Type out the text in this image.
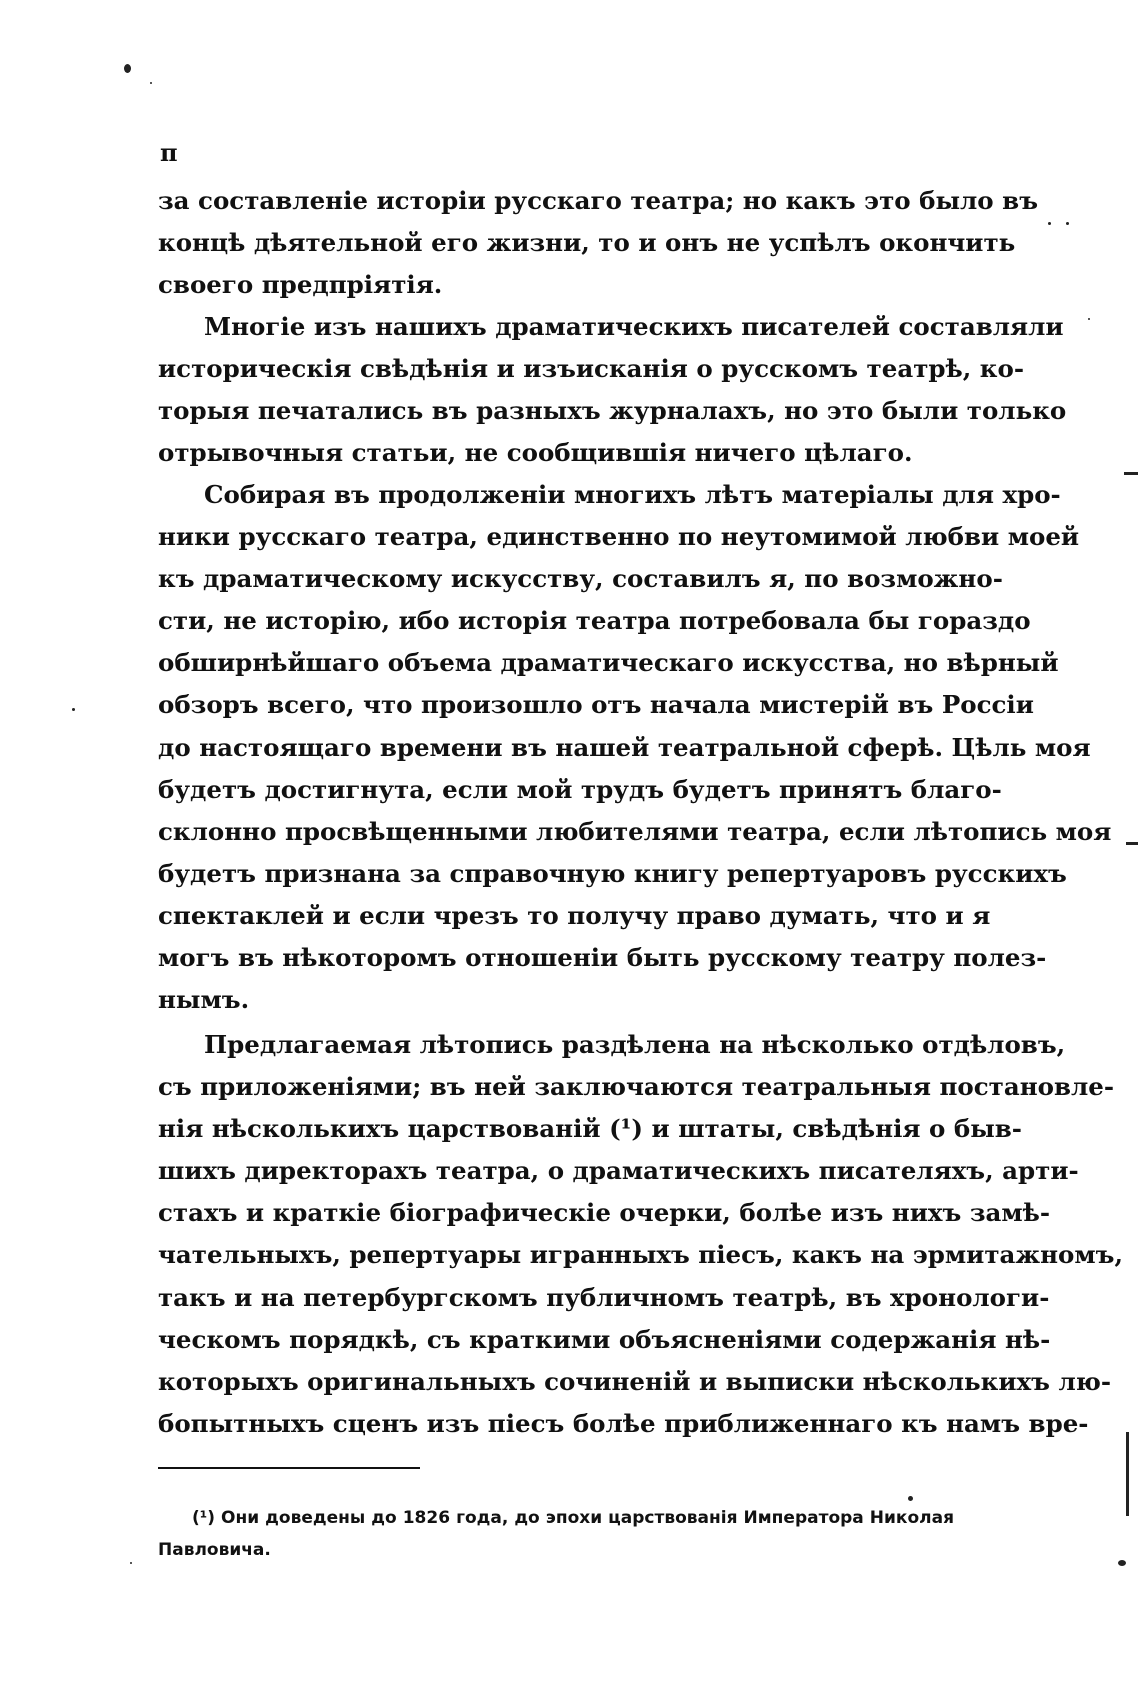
п
за составленіе исторіи русскаго театра; но какъ это было въ
концѣ дѣятельной его жизни, то и онъ не успѣлъ окончить
своего предпріятія.
Многіе изъ нашихъ драматическихъ писателей составляли
историческія свѣдѣнія и изъисканія о русскомъ театрѣ, ко-
торыя печатались въ разныхъ журналахъ, но это были только
отрывочныя статьи, не сообщившія ничего цѣлаго.
Собирая въ продолженіи многихъ лѣтъ матеріалы для хро-
ники русскаго театра, единственно по неутомимой любви моей
къ драматическому искусству, составилъ я, по возможно-
сти, не исторію, ибо исторія театра потребовала бы гораздо
обширнѣйшаго объема драматическаго искусства, но вѣрный
обзоръ всего, что произошло отъ начала мистерій въ Россіи
до настоящаго времени въ нашей театральной сферѣ. Цѣль моя
будетъ достигнута, если мой трудъ будетъ принятъ благо-
склонно просвѣщенными любителями театра, если лѣтопись моя
будетъ признана за справочную книгу репертуаровъ русскихъ
спектаклей и если чрезъ то получу право думать, что и я
могъ въ нѣкоторомъ отношеніи быть русскому театру полез-
нымъ.
Предлагаемая лѣтопись раздѣлена на нѣсколько отдѣловъ,
съ приложеніями; въ ней заключаются театральныя постановле-
нія нѣсколькихъ царствованій (¹) и штаты, свѣдѣнія о быв-
шихъ директорахъ театра, о драматическихъ писателяхъ, арти-
стахъ и краткіе біографическіе очерки, болѣе изъ нихъ замѣ-
чательныхъ, репертуары игранныхъ піесъ, какъ на эрмитажномъ,
такъ и на петербургскомъ публичномъ театрѣ, въ хронологи-
ческомъ порядкѣ, съ краткими объясненіями содержанія нѣ-
которыхъ оригинальныхъ сочиненій и выписки нѣсколькихъ лю-
бопытныхъ сценъ изъ піесъ болѣе приближеннаго къ намъ вре-
(¹) Они доведены до 1826 года, до эпохи царствованія Императора Николая
Павловича.
